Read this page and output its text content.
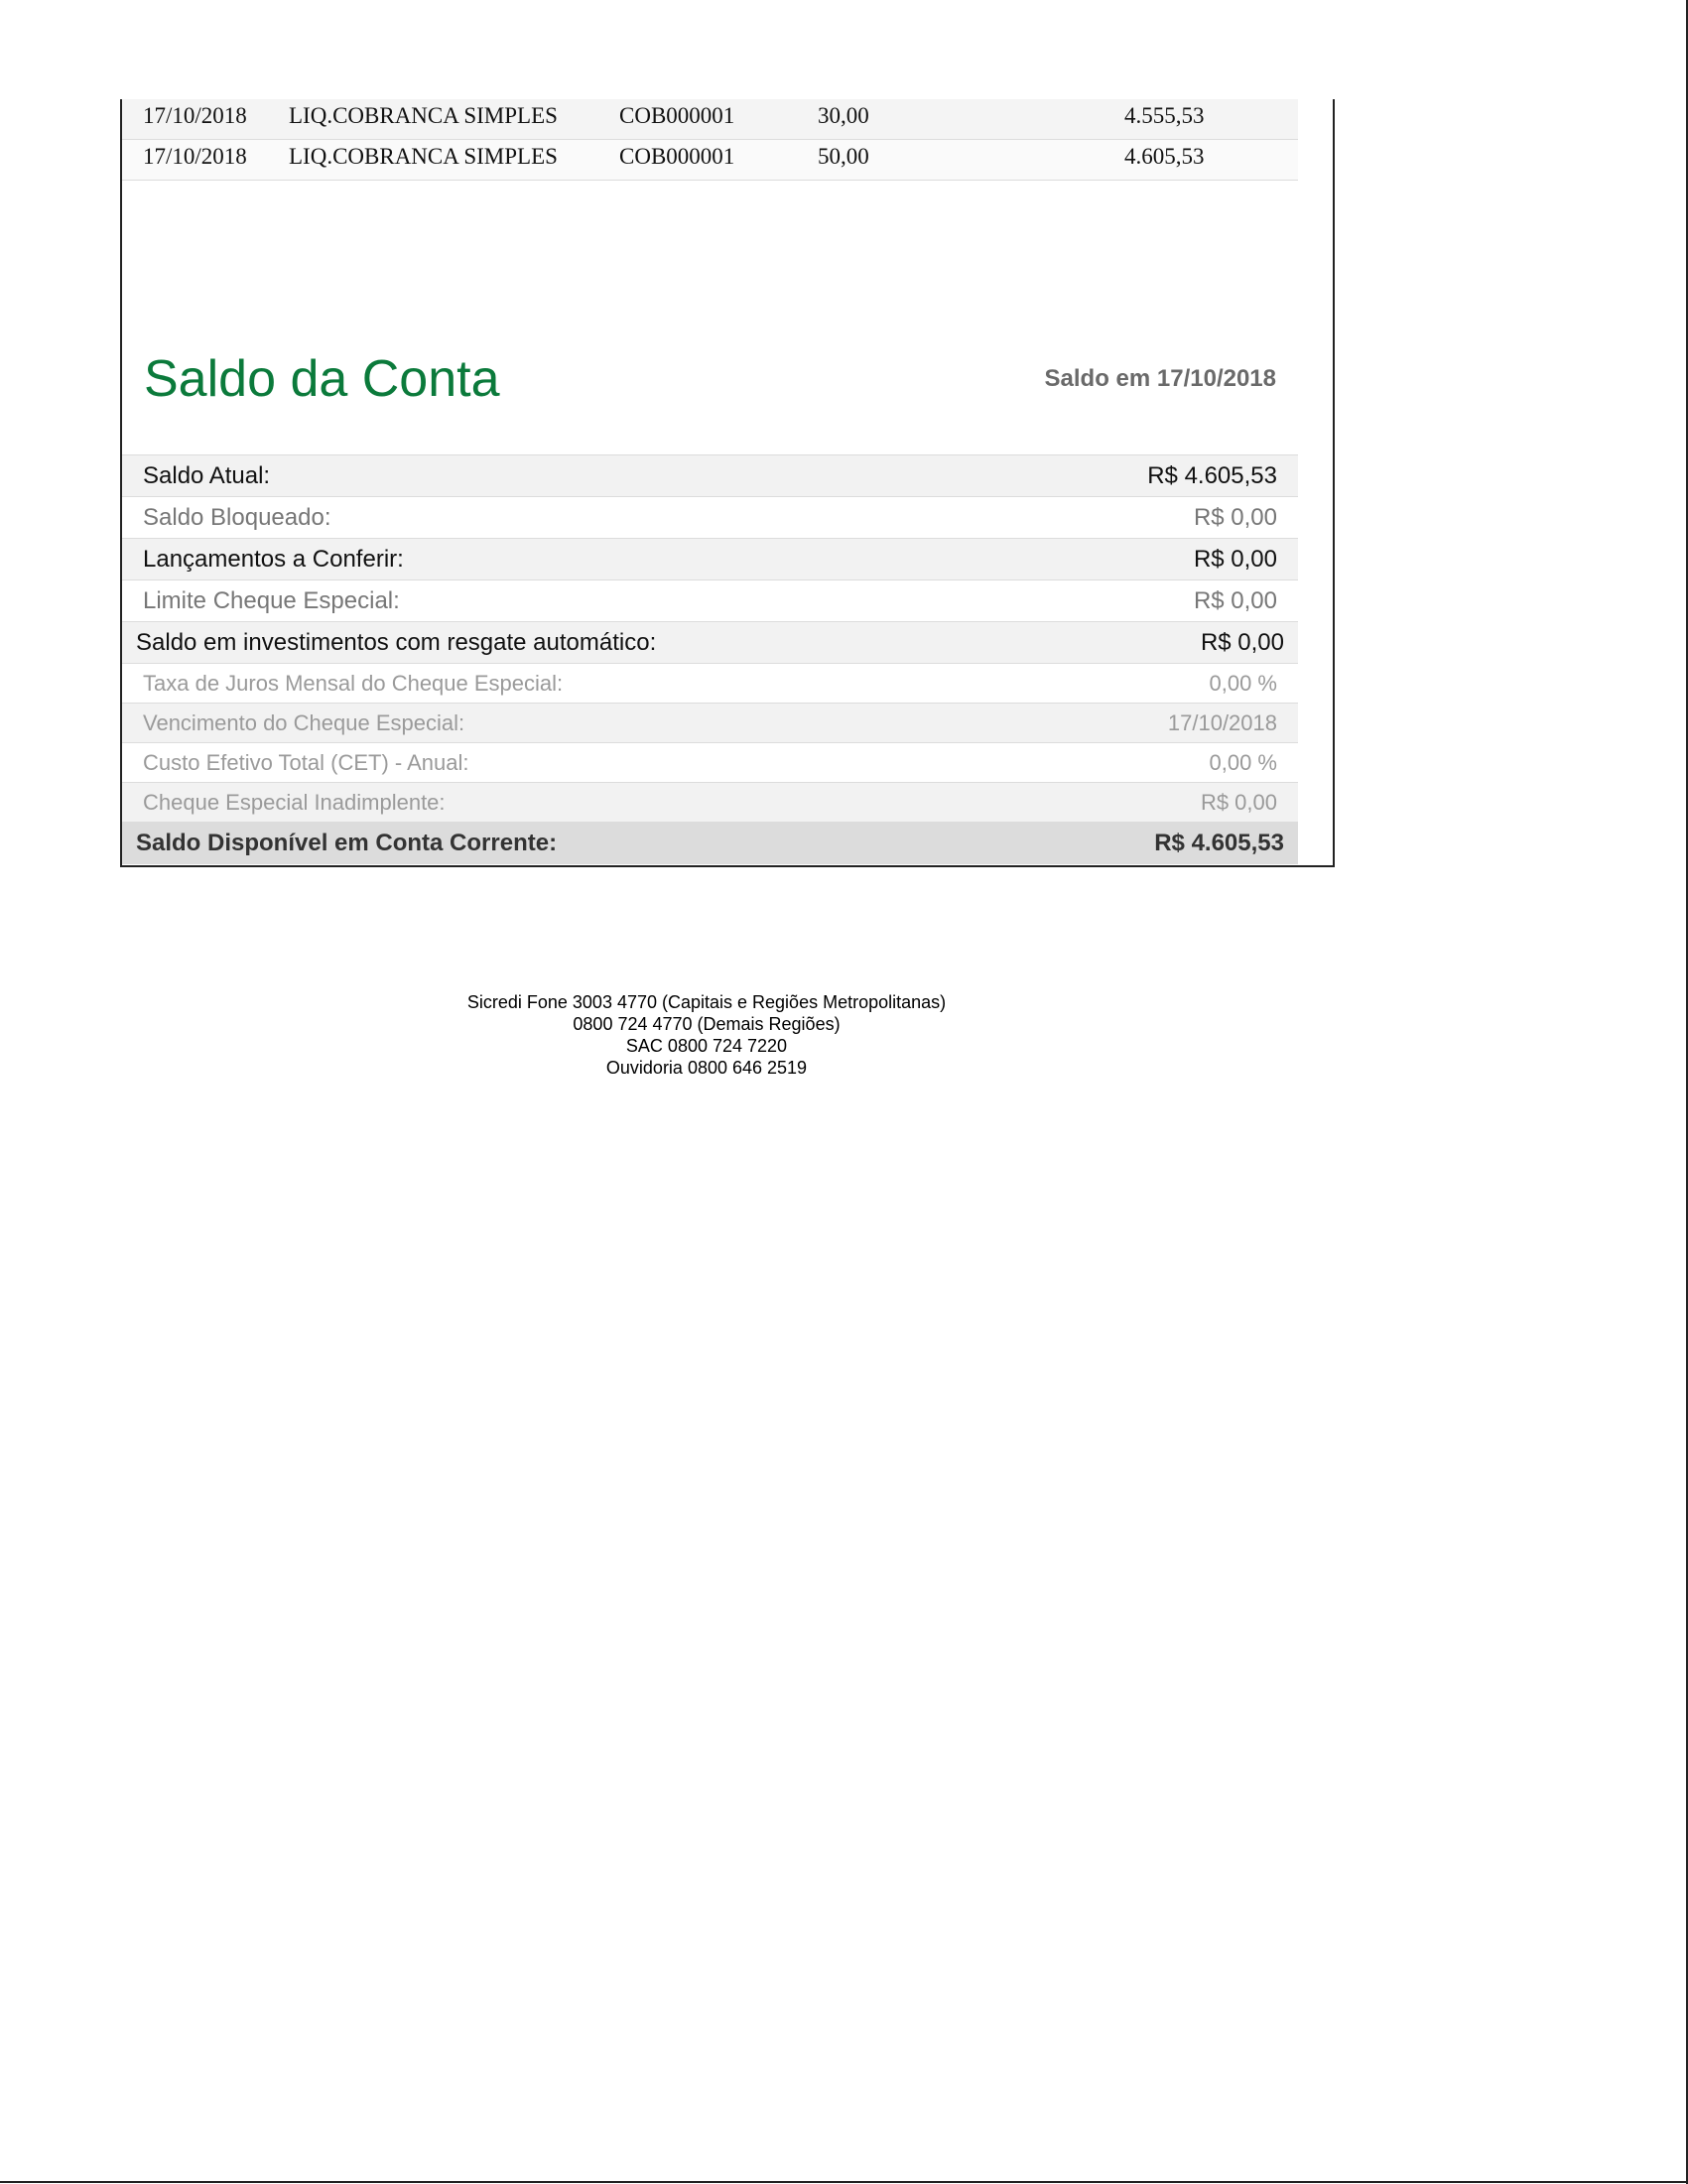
17/10/2018 LIQ.COBRANCA SIMPLES	COB000001	30,00	4.555,53
17/10/2018 LIQ.COBRANCA SIMPLES	COB000001	50,00	4.605,53
Saldo da Conta	Saldo em 17/10/2018
Saldo Atual:	R$ 4.605,53
Saldo Bloqueado:	R$ 0,00
Lançamentos a Conferir:	R$ 0,00
Limite Cheque Especial:	R$ 0,00
Saldo em investimentos com resgate automático:	R$ 0,00
Taxa de Juros Mensal do Cheque Especial:	0,00 %
Vencimento do Cheque Especial:	17/10/2018
Custo Efetivo Total (CET) - Anual:	0,00 %
Cheque Especial Inadimplente:	R$ 0,00
Saldo Disponível em Conta Corrente:	R$ 4.605,53
Sicredi Fone 3003 4770 (Capitais e Regiões Metropolitanas)
0800 724 4770 (Demais Regiões)
SAC 0800 724 7220
Ouvidoria 0800 646 2519
